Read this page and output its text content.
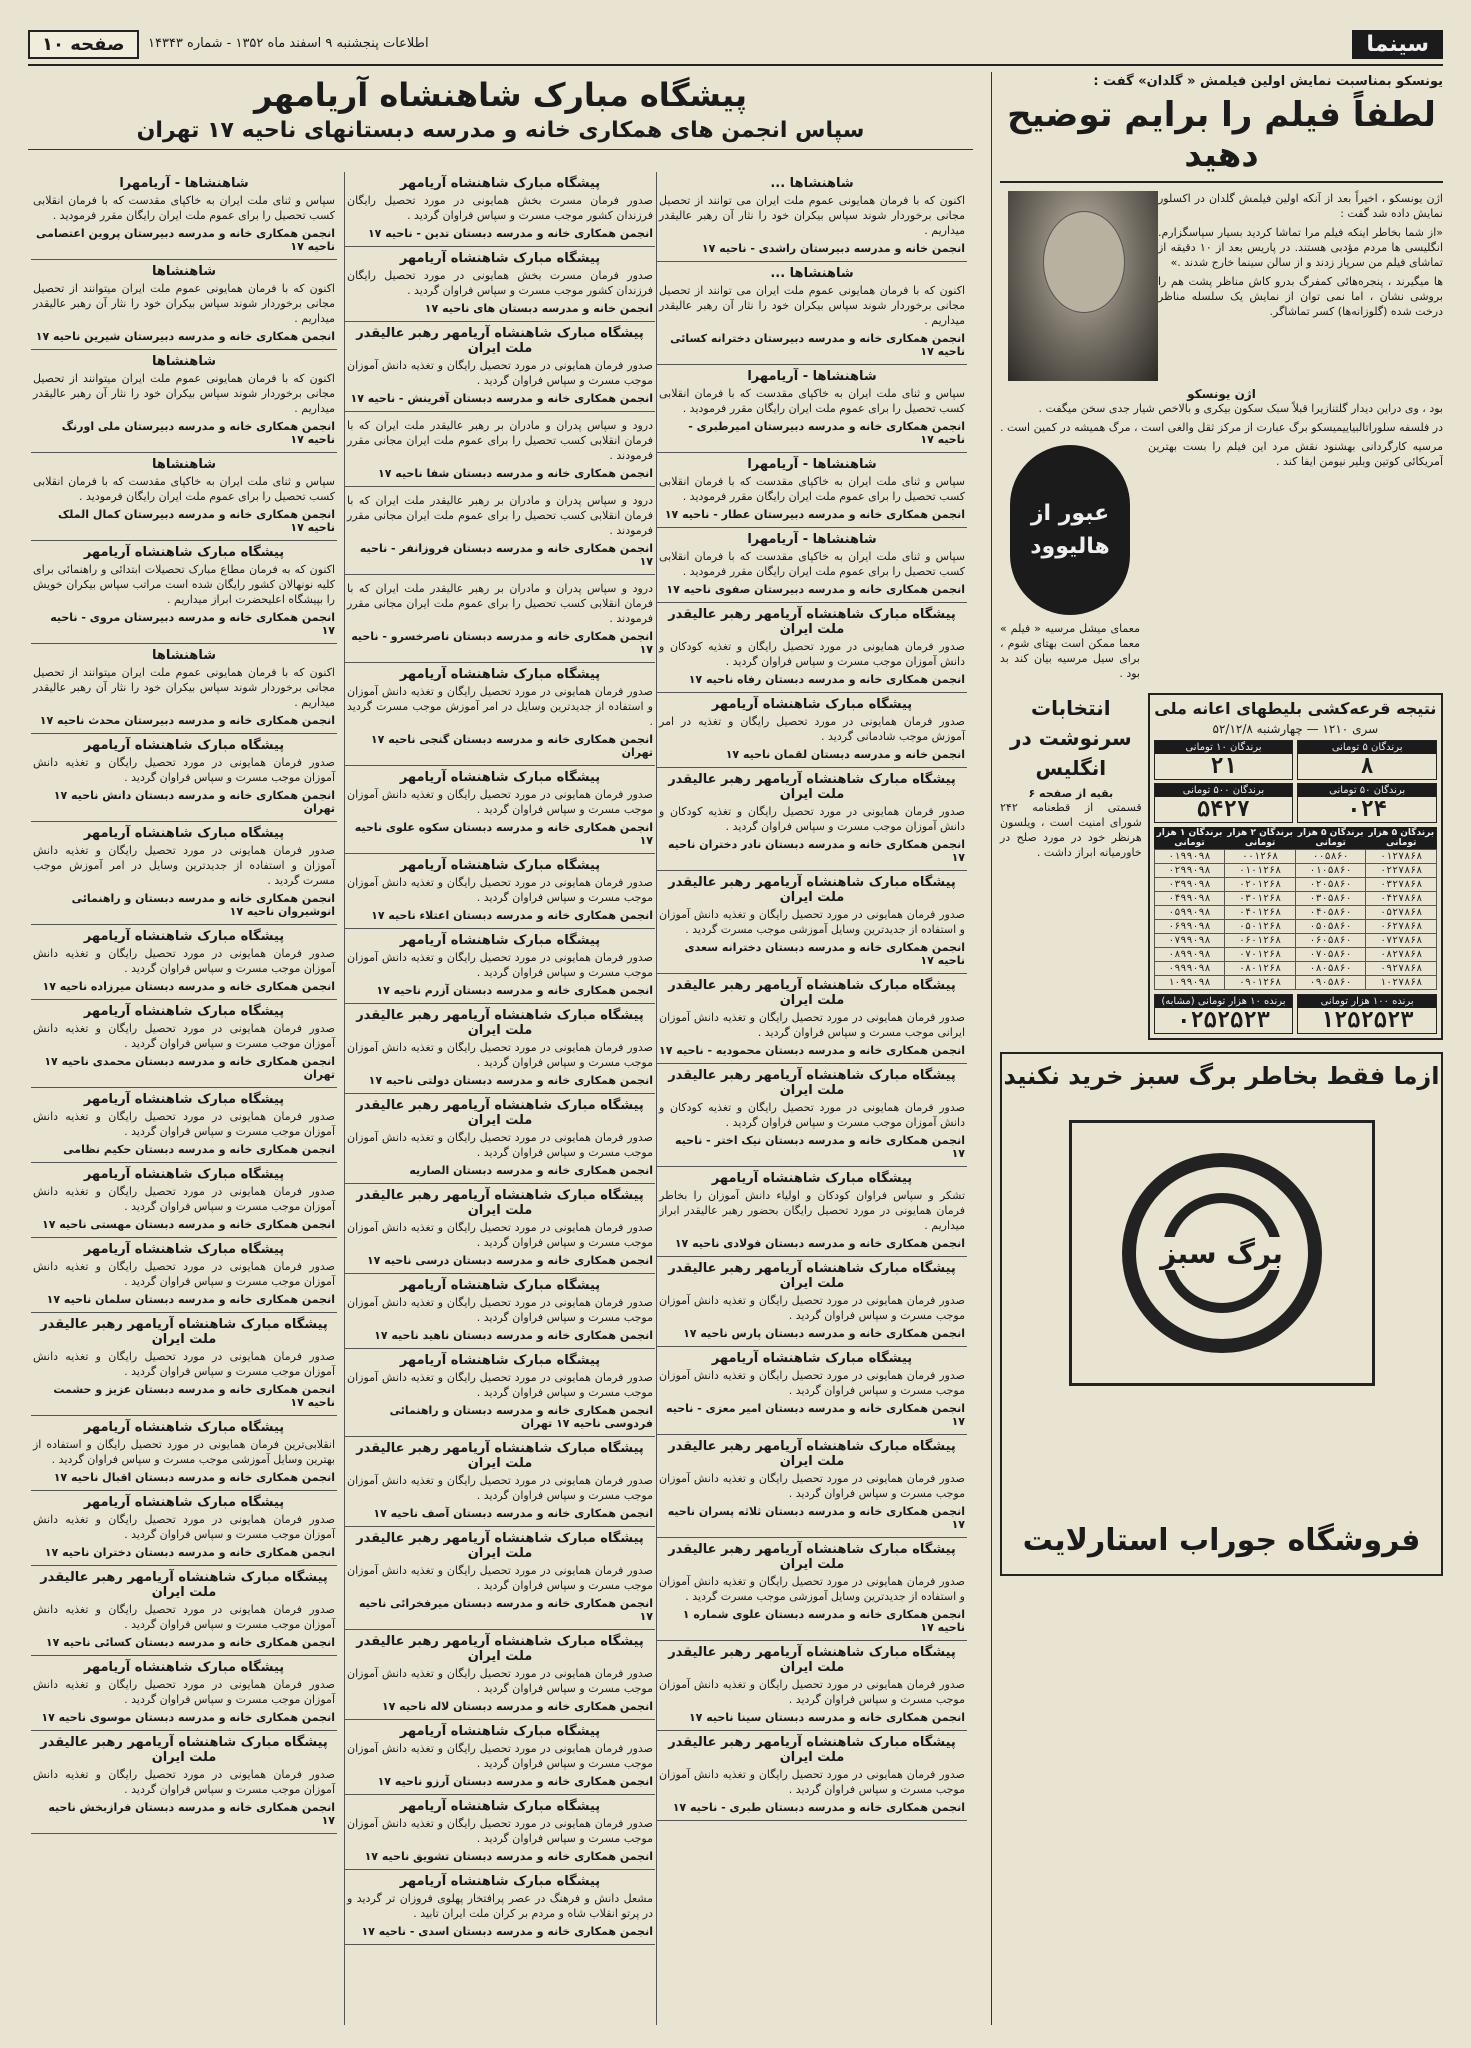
سینما
صفحه ۱۰	اطلاعات پنجشنبه ۹ اسفند ماه ۱۳۵۲ - شماره ۱۴۳۴۳
یونسکو بمناسبت نمایش اولین فیلمش « گلدان» گفت :
لطفاً فیلم را برایم توضیح دهید

اژن یونسکو ، اخیراً بعد از آنکه اولین فیلمش گلدان در اکسلور نمایش داده شد گفت :

«از شما بخاطر اینکه فیلم مرا تماشا کردید بسیار سپاسگزارم. انگلیسی ها مردم مؤدبی هستند. در پاریس بعد از ۱۰ دقیقه از تماشای فیلم من سرپاز زدند و از سالن سینما خارج شدند .»

ها میگیرند ، پنجره‌هائی کمفرگ بدرو کاش مناظر پشت هم را بروشی نشان ، اما نمی توان از نمایش یک سلسله مناظر درخت شده (گلوزانه‌ها) کسر تماشاگر.

اژن یونسکو

بود ، وی دراین دیدار گلتنازیرا قبلاً سبک سکون بیکری و بالاخص شیار جدی سخن میگفت .

در فلسفه سلوراتالبیاییمیسکو برگ عبارت از مرکز ثقل والغی است ، مرگ همیشه در کمین است .

مرسیه کارگردانی بهشنود نقش مرد این فیلم را بست بهترین آمریکائی کوتین وبلیر نیومن ایفا کند .

عبور از هالیوود

معمای میشل مرسیه « فیلم » معما ممکن است بهتای شوم ، برای سیل مرسیه بیان کند بد بود .

نتیجه قرعه‌کشی بلیطهای اعانه ملی
سری ۱۲۱۰ — چهارشنبه ۵۲/۱۲/۸
برندگان ۵ تومانی
۸
برندگان ۱۰ تومانی
۲۱
برندگان ۵۰ تومانی
۰۲۴
برندگان ۵۰۰ تومانی
۵۴۲۷
برندگان ۵ هزار تومانی	برندگان ۵ هزار تومانی	برندگان ۲ هزار تومانی	برندگان ۱ هزار تومانی
۰۱۲۷۸۶۸	۰۰۵۸۶۰	۰۰۱۲۶۸	۰۱۹۹۰۹۸
۰۲۲۷۸۶۸	۰۱۰۵۸۶۰	۰۱۰۱۲۶۸	۰۲۹۹۰۹۸
۰۳۲۷۸۶۸	۰۲۰۵۸۶۰	۰۲۰۱۲۶۸	۰۳۹۹۰۹۸
۰۴۲۷۸۶۸	۰۳۰۵۸۶۰	۰۳۰۱۲۶۸	۰۴۹۹۰۹۸
۰۵۲۷۸۶۸	۰۴۰۵۸۶۰	۰۴۰۱۲۶۸	۰۵۹۹۰۹۸
۰۶۲۷۸۶۸	۰۵۰۵۸۶۰	۰۵۰۱۲۶۸	۰۶۹۹۰۹۸
۰۷۲۷۸۶۸	۰۶۰۵۸۶۰	۰۶۰۱۲۶۸	۰۷۹۹۰۹۸
۰۸۲۷۸۶۸	۰۷۰۵۸۶۰	۰۷۰۱۲۶۸	۰۸۹۹۰۹۸
۰۹۲۷۸۶۸	۰۸۰۵۸۶۰	۰۸۰۱۲۶۸	۰۹۹۹۰۹۸
۱۰۲۷۸۶۸	۰۹۰۵۸۶۰	۰۹۰۱۲۶۸	۱۰۹۹۰۹۸
برنده ۱۰۰ هزار تومانی
۱۲۵۲۵۲۳
برنده ۱۰ هزار تومانی (مشابه)
۰۲۵۲۵۲۳
انتخابات سرنوشت در انگلیس
بقیه از صفحه ۶

قسمتی از قطعنامه ۲۴۲ شورای امنیت است ، ویلسون هرنظر خود در مورد صلح در خاورمیانه ابراز داشت .

ازما فقط بخاطر برگ سبز خرید نکنید
برگ سبز
فروشگاه جوراب استارلایت
پیشگاه مبارک شاهنشاه آریامهر
سپاس انجمن های همکاری خانه و مدرسه دبستانهای ناحیه ۱۷ تهران
شاهنشاها ...

اکنون که با فرمان همایونی عموم ملت ایران می توانند از تحصیل مجانی برخوردار شوند سپاس بیکران خود را نثار آن رهبر عالیقدر میداریم .

انجمن خانه و مدرسه دبیرستان راشدی - ناحیه ۱۷
شاهنشاها ...

اکنون که با فرمان همایونی عموم ملت ایران می توانند از تحصیل مجانی برخوردار شوند سپاس بیکران خود را نثار آن رهبر عالیقدر میداریم .

انجمن همکاری خانه و مدرسه دبیرستان دخترانه کسائی ناحیه ۱۷
شاهنشاها - آریامهرا

سپاس و ثنای ملت ایران به خاکپای مقدست که با فرمان انقلابی کسب تحصیل را برای عموم ملت ایران رایگان مقرر فرمودید .

انجمن همکاری خانه و مدرسه دبیرستان امیرطبری - ناحیه ۱۷
شاهنشاها - آریامهرا

سپاس و ثنای ملت ایران به خاکپای مقدست که با فرمان انقلابی کسب تحصیل را برای عموم ملت ایران رایگان مقرر فرمودید .

انجمن همکاری خانه و مدرسه دبیرستان عطار - ناحیه ۱۷
شاهنشاها - آریامهرا

سپاس و ثنای ملت ایران به خاکپای مقدست که با فرمان انقلابی کسب تحصیل را برای عموم ملت ایران رایگان مقرر فرمودید .

انجمن همکاری خانه و مدرسه دبیرستان صفوی ناحیه ۱۷
پیشگاه مبارک شاهنشاه آریامهر رهبر عالیقدر ملت ایران

صدور فرمان همایونی در مورد تحصیل رایگان و تغذیه کودکان و دانش آموزان موجب مسرت و سپاس فراوان گردید .

انجمن همکاری خانه و مدرسه دبستان رفاه ناحیه ۱۷
پیشگاه مبارک شاهنشاه آریامهر

صدور فرمان همایونی در مورد تحصیل رایگان و تغذیه در امر آموزش موجب شادمانی گردید .

انجمن خانه و مدرسه دبستان لقمان ناحیه ۱۷
پیشگاه مبارک شاهنشاه آریامهر رهبر عالیقدر ملت ایران

صدور فرمان همایونی در مورد تحصیل رایگان و تغذیه کودکان و دانش آموزان موجب مسرت و سپاس فراوان گردید .

انجمن همکاری خانه و مدرسه دبستان نادر دختران ناحیه ۱۷
پیشگاه مبارک شاهنشاه آریامهر رهبر عالیقدر ملت ایران

صدور فرمان همایونی در مورد تحصیل رایگان و تغذیه دانش آموزان و استفاده از جدیدترین وسایل آموزشی موجب مسرت گردید .

انجمن همکاری خانه و مدرسه دبستان دخترانه سعدی ناحیه ۱۷
پیشگاه مبارک شاهنشاه آریامهر رهبر عالیقدر ملت ایران

صدور فرمان همایونی در مورد تحصیل رایگان و تغذیه دانش آموزان ایرانی موجب مسرت و سپاس فراوان گردید .

انجمن همکاری خانه و مدرسه دبستان محمودیه - ناحیه ۱۷
پیشگاه مبارک شاهنشاه آریامهر رهبر عالیقدر ملت ایران

صدور فرمان همایونی در مورد تحصیل رایگان و تغذیه کودکان و دانش آموزان موجب مسرت و سپاس فراوان گردید .

انجمن همکاری خانه و مدرسه دبستان نیک اختر - ناحیه ۱۷
پیشگاه مبارک شاهنشاه آریامهر

تشکر و سپاس فراوان کودکان و اولیاء دانش آموزان را بخاطر فرمان همایونی در مورد تحصیل رایگان بحضور رهبر عالیقدر ابراز میداریم .

انجمن همکاری خانه و مدرسه دبستان فولادی ناحیه ۱۷
پیشگاه مبارک شاهنشاه آریامهر رهبر عالیقدر ملت ایران

صدور فرمان همایونی در مورد تحصیل رایگان و تغذیه دانش آموزان موجب مسرت و سپاس فراوان گردید .

انجمن همکاری خانه و مدرسه دبستان پارس ناحیه ۱۷
پیشگاه مبارک شاهنشاه آریامهر

صدور فرمان همایونی در مورد تحصیل رایگان و تغذیه دانش آموزان موجب مسرت و سپاس فراوان گردید .

انجمن همکاری خانه و مدرسه دبستان امیر معزی - ناحیه ۱۷
پیشگاه مبارک شاهنشاه آریامهر رهبر عالیقدر ملت ایران

صدور فرمان همایونی در مورد تحصیل رایگان و تغذیه دانش آموزان موجب مسرت و سپاس فراوان گردید .

انجمن همکاری خانه و مدرسه دبستان ثلاثه پسران ناحیه ۱۷
پیشگاه مبارک شاهنشاه آریامهر رهبر عالیقدر ملت ایران

صدور فرمان همایونی در مورد تحصیل رایگان و تغذیه دانش آموزان و استفاده از جدیدترین وسایل آموزشی موجب مسرت گردید .

انجمن همکاری خانه و مدرسه دبستان علوی شماره ۱ ناحیه ۱۷
پیشگاه مبارک شاهنشاه آریامهر رهبر عالیقدر ملت ایران

صدور فرمان همایونی در مورد تحصیل رایگان و تغذیه دانش آموزان موجب مسرت و سپاس فراوان گردید .

انجمن همکاری خانه و مدرسه دبستان سینا ناحیه ۱۷
پیشگاه مبارک شاهنشاه آریامهر رهبر عالیقدر ملت ایران

صدور فرمان همایونی در مورد تحصیل رایگان و تغذیه دانش آموزان موجب مسرت و سپاس فراوان گردید .

انجمن همکاری خانه و مدرسه دبستان طبری - ناحیه ۱۷
پیشگاه مبارک شاهنشاه آریامهر

صدور فرمان مسرت بخش همایونی در مورد تحصیل رایگان فرزندان کشور موجب مسرت و سپاس فراوان گردید .

انجمن همکاری خانه و مدرسه دبستان تدین - ناحیه ۱۷
پیشگاه مبارک شاهنشاه آریامهر

صدور فرمان مسرت بخش همایونی در مورد تحصیل رایگان فرزندان کشور موجب مسرت و سپاس فراوان گردید .

انجمن خانه و مدرسه دبستان های ناحیه ۱۷
پیشگاه مبارک شاهنشاه آریامهر رهبر عالیقدر ملت ایران

صدور فرمان همایونی در مورد تحصیل رایگان و تغذیه دانش آموزان موجب مسرت و سپاس فراوان گردید .

انجمن همکاری خانه و مدرسه دبستان آفرینش - ناحیه ۱۷

درود و سپاس پدران و مادران بر رهبر عالیقدر ملت ایران که با فرمان انقلابی کسب تحصیل را برای عموم ملت ایران مجانی مقرر فرمودند .

انجمن همکاری خانه و مدرسه دبستان شفا ناحیه ۱۷

درود و سپاس پدران و مادران بر رهبر عالیقدر ملت ایران که با فرمان انقلابی کسب تحصیل را برای عموم ملت ایران مجانی مقرر فرمودند .

انجمن همکاری خانه و مدرسه دبستان فروزانفر - ناحیه ۱۷

درود و سپاس پدران و مادران بر رهبر عالیقدر ملت ایران که با فرمان انقلابی کسب تحصیل را برای عموم ملت ایران مجانی مقرر فرمودند .

انجمن همکاری خانه و مدرسه دبستان ناصرخسرو - ناحیه ۱۷
پیشگاه مبارک شاهنشاه آریامهر

صدور فرمان همایونی در مورد تحصیل رایگان و تغذیه دانش آموزان و استفاده از جدیدترین وسایل در امر آموزش موجب مسرت گردید .

انجمن همکاری خانه و مدرسه دبستان گنجی ناحیه ۱۷ تهران
پیشگاه مبارک شاهنشاه آریامهر

صدور فرمان همایونی در مورد تحصیل رایگان و تغذیه دانش آموزان موجب مسرت و سپاس فراوان گردید .

انجمن همکاری خانه و مدرسه دبستان سکوه علوی ناحیه ۱۷
پیشگاه مبارک شاهنشاه آریامهر

صدور فرمان همایونی در مورد تحصیل رایگان و تغذیه دانش آموزان موجب مسرت و سپاس فراوان گردید .

انجمن همکاری خانه و مدرسه دبستان اعتلاء ناحیه ۱۷
پیشگاه مبارک شاهنشاه آریامهر

صدور فرمان همایونی در مورد تحصیل رایگان و تغذیه دانش آموزان موجب مسرت و سپاس فراوان گردید .

انجمن همکاری خانه و مدرسه دبستان آزرم ناحیه ۱۷
پیشگاه مبارک شاهنشاه آریامهر رهبر عالیقدر ملت ایران

صدور فرمان همایونی در مورد تحصیل رایگان و تغذیه دانش آموزان موجب مسرت و سپاس فراوان گردید .

انجمن همکاری خانه و مدرسه دبستان دولتی ناحیه ۱۷
پیشگاه مبارک شاهنشاه آریامهر رهبر عالیقدر ملت ایران

صدور فرمان همایونی در مورد تحصیل رایگان و تغذیه دانش آموزان موجب مسرت و سپاس فراوان گردید .

انجمن همکاری خانه و مدرسه دبستان الصاریه
پیشگاه مبارک شاهنشاه آریامهر رهبر عالیقدر ملت ایران

صدور فرمان همایونی در مورد تحصیل رایگان و تغذیه دانش آموزان موجب مسرت و سپاس فراوان گردید .

انجمن همکاری خانه و مدرسه دبستان درسی ناحیه ۱۷
پیشگاه مبارک شاهنشاه آریامهر

صدور فرمان همایونی در مورد تحصیل رایگان و تغذیه دانش آموزان موجب مسرت و سپاس فراوان گردید .

انجمن همکاری خانه و مدرسه دبستان ناهید ناحیه ۱۷
پیشگاه مبارک شاهنشاه آریامهر

صدور فرمان همایونی در مورد تحصیل رایگان و تغذیه دانش آموزان موجب مسرت و سپاس فراوان گردید .

انجمن همکاری خانه و مدرسه دبستان و راهنمائی فردوسی ناحیه ۱۷ تهران
پیشگاه مبارک شاهنشاه آریامهر رهبر عالیقدر ملت ایران

صدور فرمان همایونی در مورد تحصیل رایگان و تغذیه دانش آموزان موجب مسرت و سپاس فراوان گردید .

انجمن همکاری خانه و مدرسه دبستان آصف ناحیه ۱۷
پیشگاه مبارک شاهنشاه آریامهر رهبر عالیقدر ملت ایران

صدور فرمان همایونی در مورد تحصیل رایگان و تغذیه دانش آموزان موجب مسرت و سپاس فراوان گردید .

انجمن همکاری خانه و مدرسه دبستان میرفخرائی ناحیه ۱۷
پیشگاه مبارک شاهنشاه آریامهر رهبر عالیقدر ملت ایران

صدور فرمان همایونی در مورد تحصیل رایگان و تغذیه دانش آموزان موجب مسرت و سپاس فراوان گردید .

انجمن همکاری خانه و مدرسه دبستان لاله ناحیه ۱۷
پیشگاه مبارک شاهنشاه آریامهر

صدور فرمان همایونی در مورد تحصیل رایگان و تغذیه دانش آموزان موجب مسرت و سپاس فراوان گردید .

انجمن همکاری خانه و مدرسه دبستان آرزو ناحیه ۱۷
پیشگاه مبارک شاهنشاه آریامهر

صدور فرمان همایونی در مورد تحصیل رایگان و تغذیه دانش آموزان موجب مسرت و سپاس فراوان گردید .

انجمن همکاری خانه و مدرسه دبستان تشویق ناحیه ۱۷
پیشگاه مبارک شاهنشاه آریامهر

مشعل دانش و فرهنگ در عصر پرافتخار پهلوی فروزان تر گردید و در پرتو انقلاب شاه و مردم بر کران ملت ایران تابید .

انجمن همکاری خانه و مدرسه دبستان اسدی - ناحیه ۱۷
شاهنشاها - آریامهرا

سپاس و ثنای ملت ایران به خاکپای مقدست که با فرمان انقلابی کسب تحصیل را برای عموم ملت ایران رایگان مقرر فرمودید .

انجمن همکاری خانه و مدرسه دبیرستان پروین اعتصامی ناحیه ۱۷
شاهنشاها

اکنون که با فرمان همایونی عموم ملت ایران میتوانند از تحصیل مجانی برخوردار شوند سپاس بیکران خود را نثار آن رهبر عالیقدر میداریم .

انجمن همکاری خانه و مدرسه دبیرستان شیرین ناحیه ۱۷
شاهنشاها

اکنون که با فرمان همایونی عموم ملت ایران میتوانند از تحصیل مجانی برخوردار شوند سپاس بیکران خود را نثار آن رهبر عالیقدر میداریم .

انجمن همکاری خانه و مدرسه دبیرستان ملی اورنگ ناحیه ۱۷
شاهنشاها

سپاس و ثنای ملت ایران به خاکپای مقدست که با فرمان انقلابی کسب تحصیل را برای عموم ملت ایران رایگان فرمودید .

انجمن همکاری خانه و مدرسه دبیرستان کمال الملک ناحیه ۱۷
پیشگاه مبارک شاهنشاه آریامهر

اکنون که به فرمان مطاع مبارک تحصیلات ابتدائی و راهنمائی برای کلیه نونهالان کشور رایگان شده است مراتب سپاس بیکران خویش را بپیشگاه اعلیحضرت ابراز میداریم .

انجمن همکاری خانه و مدرسه دبیرستان مروی - ناحیه ۱۷
شاهنشاها

اکنون که با فرمان همایونی عموم ملت ایران میتوانند از تحصیل مجانی برخوردار شوند سپاس بیکران خود را نثار آن رهبر عالیقدر میداریم .

انجمن همکاری خانه و مدرسه دبیرستان محدث ناحیه ۱۷
پیشگاه مبارک شاهنشاه آریامهر

صدور فرمان همایونی در مورد تحصیل رایگان و تغذیه دانش آموزان موجب مسرت و سپاس فراوان گردید .

انجمن همکاری خانه و مدرسه دبستان دانش ناحیه ۱۷ تهران
پیشگاه مبارک شاهنشاه آریامهر

صدور فرمان همایونی در مورد تحصیل رایگان و تغذیه دانش آموزان و استفاده از جدیدترین وسایل در امر آموزش موجب مسرت گردید .

انجمن همکاری خانه و مدرسه دبستان و راهنمائی انوشیروان ناحیه ۱۷
پیشگاه مبارک شاهنشاه آریامهر

صدور فرمان همایونی در مورد تحصیل رایگان و تغذیه دانش آموزان موجب مسرت و سپاس فراوان گردید .

انجمن همکاری خانه و مدرسه دبستان میرزاده ناحیه ۱۷
پیشگاه مبارک شاهنشاه آریامهر

صدور فرمان همایونی در مورد تحصیل رایگان و تغذیه دانش آموزان موجب مسرت و سپاس فراوان گردید .

انجمن همکاری خانه و مدرسه دبستان محمدی ناحیه ۱۷ تهران
پیشگاه مبارک شاهنشاه آریامهر

صدور فرمان همایونی در مورد تحصیل رایگان و تغذیه دانش آموزان موجب مسرت و سپاس فراوان گردید .

انجمن همکاری خانه و مدرسه دبستان حکیم نظامی
پیشگاه مبارک شاهنشاه آریامهر

صدور فرمان همایونی در مورد تحصیل رایگان و تغذیه دانش آموزان موجب مسرت و سپاس فراوان گردید .

انجمن همکاری خانه و مدرسه دبستان مهستی ناحیه ۱۷
پیشگاه مبارک شاهنشاه آریامهر

صدور فرمان همایونی در مورد تحصیل رایگان و تغذیه دانش آموزان موجب مسرت و سپاس فراوان گردید .

انجمن همکاری خانه و مدرسه دبستان سلمان ناحیه ۱۷
پیشگاه مبارک شاهنشاه آریامهر رهبر عالیقدر ملت ایران

صدور فرمان همایونی در مورد تحصیل رایگان و تغذیه دانش آموزان موجب مسرت و سپاس فراوان گردید .

انجمن همکاری خانه و مدرسه دبستان عزیز و حشمت ناحیه ۱۷
پیشگاه مبارک شاهنشاه آریامهر

انقلابی‌ترین فرمان همایونی در مورد تحصیل رایگان و استفاده از بهترین وسایل آموزشی موجب مسرت و سپاس فراوان گردید .

انجمن همکاری خانه و مدرسه دبستان اقبال ناحیه ۱۷
پیشگاه مبارک شاهنشاه آریامهر

صدور فرمان همایونی در مورد تحصیل رایگان و تغذیه دانش آموزان موجب مسرت و سپاس فراوان گردید .

انجمن همکاری خانه و مدرسه دبستان دختران ناحیه ۱۷
پیشگاه مبارک شاهنشاه آریامهر رهبر عالیقدر ملت ایران

صدور فرمان همایونی در مورد تحصیل رایگان و تغذیه دانش آموزان موجب مسرت و سپاس فراوان گردید .

انجمن همکاری خانه و مدرسه دبستان کسائی ناحیه ۱۷
پیشگاه مبارک شاهنشاه آریامهر

صدور فرمان همایونی در مورد تحصیل رایگان و تغذیه دانش آموزان موجب مسرت و سپاس فراوان گردید .

انجمن همکاری خانه و مدرسه دبستان موسوی ناحیه ۱۷
پیشگاه مبارک شاهنشاه آریامهر رهبر عالیقدر ملت ایران

صدور فرمان همایونی در مورد تحصیل رایگان و تغذیه دانش آموزان موجب مسرت و سپاس فراوان گردید .

انجمن همکاری خانه و مدرسه دبستان فرازبخش ناحیه ۱۷
